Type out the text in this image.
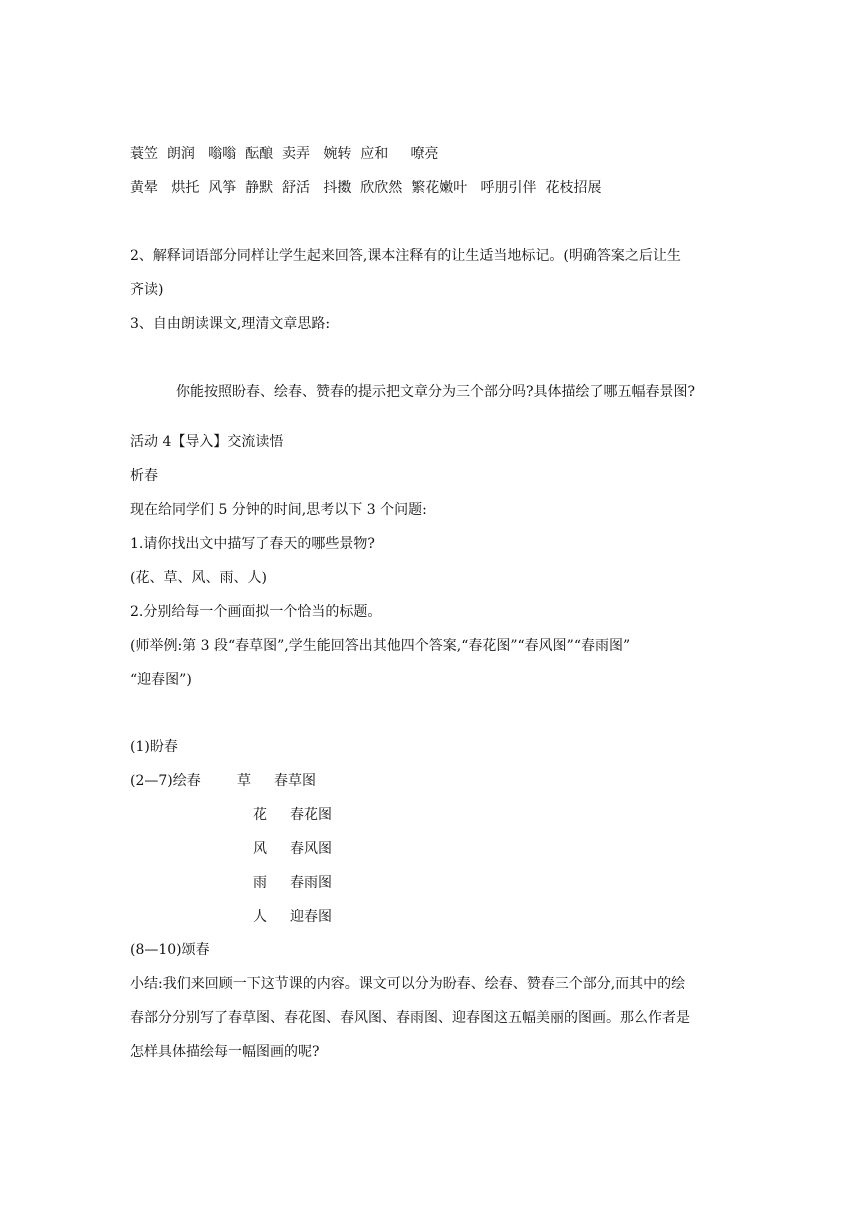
蓑笠  朗润   嗡嗡  酝酿  卖弄   婉转  应和     嘹亮
黄晕   烘托  风筝  静默  舒活   抖擞  欣欣然  繁花嫩叶   呼朋引伴  花枝招展
2、解释词语部分同样让学生起来回答,课本注释有的让生适当地标记。(明确答案之后让生
齐读)
3、自由朗读课文,理清文章思路:
你能按照盼春、绘春、赞春的提示把文章分为三个部分吗?具体描绘了哪五幅春景图?
活动 4【导入】交流读悟
析春
现在给同学们 5 分钟的时间,思考以下 3 个问题:
1.请你找出文中描写了春天的哪些景物?
(花、草、风、雨、人)
2.分别给每一个画面拟一个恰当的标题。
(师举例:第 3 段“春草图”,学生能回答出其他四个答案,“春花图”“春风图”“春雨图”
“迎春图”)
(1)盼春
(2—7)绘春	草 春草图
花 春花图
风 春风图
雨 春雨图
人 迎春图
(8—10)颂春
小结:我们来回顾一下这节课的内容。课文可以分为盼春、绘春、赞春三个部分,而其中的绘
春部分分别写了春草图、春花图、春风图、春雨图、迎春图这五幅美丽的图画。那么作者是
怎样具体描绘每一幅图画的呢?
